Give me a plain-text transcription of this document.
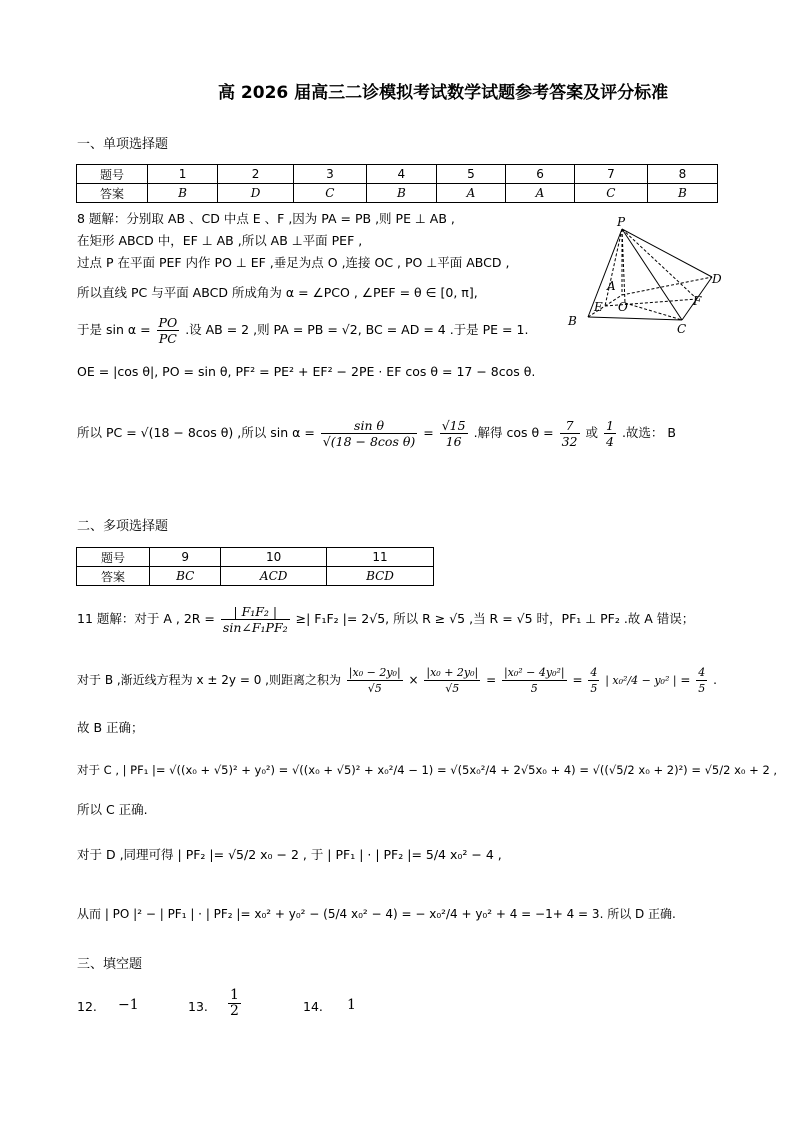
高 2026 届高三二诊模拟考试数学试题参考答案及评分标准
一、单项选择题
题号	1	2	3	4	5	6	7	8
答案	B	D	C	B	A	A	C	B
8 题解：分别取 AB 、CD 中点 E 、F ,因为 PA = PB ,则 PE ⊥ AB ,
在矩形 ABCD 中，EF ⊥ AB ,所以 AB ⊥平面 PEF ,
过点 P 在平面 PEF 内作 PO ⊥ EF ,垂足为点 O ,连接 OC , PO ⊥平面 ABCD ,
所以直线 PC 与平面 ABCD 所成角为 α = ∠PCO , ∠PEF = θ ∈ [0, π],
于是 $\sin \alpha = \frac{PO}{PC}$ .设 AB = 2 ,则 PA = PB = √2, BC = AD = 4 .于是 PE = 1.
OE = |cos θ|, PO = sin θ, PF² = PE² + EF² − 2PE · EF cos θ = 17 − 8cos θ.
所以 PC = √(18 − 8cos θ) ,所以 $\sin \alpha = \frac{\text{sin θ}}{\text{√(18 − 8cos θ)}} = \frac{√15}{16}$ .解得 $\cos \theta = \frac{7}{32}$ 或 $\frac{1}{4}$ .故选： B
P
A
B
C
D
E	F
O
二、多项选择题
题号	9	10	11
答案	BC	ACD	BCD
11 题解：对于 A , $2R = \frac{\text{| F₁F₂ |}}{\text{sin∠F₁PF₂}}$ ≥| F₁F₂ |= 2√5, 所以 R ≥ √5 ,当 R = √5 时，PF₁ ⊥ PF₂ .故 A 错误；
对于 B ,渐近线方程为 x ± 2y = 0 ,则距离之积为 $\frac{\text{|x₀ − 2y₀|}}{√5} \times \frac{\text{|x₀ + 2y₀|}}{√5} = \frac{\text{|x₀² − 4y₀²|}}{5} = \frac{4}{5}$ | x₀²/4 − y₀² | = $\frac{4}{5}$ .
故 B 正确；
对于 C , | PF₁ |= √((x₀ + √5)² + y₀²) = √((x₀ + √5)² + x₀²/4 − 1) = √(5x₀²/4 + 2√5x₀ + 4) = √((√5/2 x₀ + 2)²) = √5/2 x₀ + 2 ,
所以 C 正确.
对于 D ,同理可得 | PF₂ |= √5/2 x₀ − 2 , 于 | PF₁ | · | PF₂ |= 5/4 x₀² − 4 ,
从而 | PO |² − | PF₁ | · | PF₂ |= x₀² + y₀² − (5/4 x₀² − 4) = − x₀²/4 + y₀² + 4 = −1+ 4 = 3. 所以 D 正确.
三、填空题
12. −1	13. $\frac{1}{2}$	14. 1
